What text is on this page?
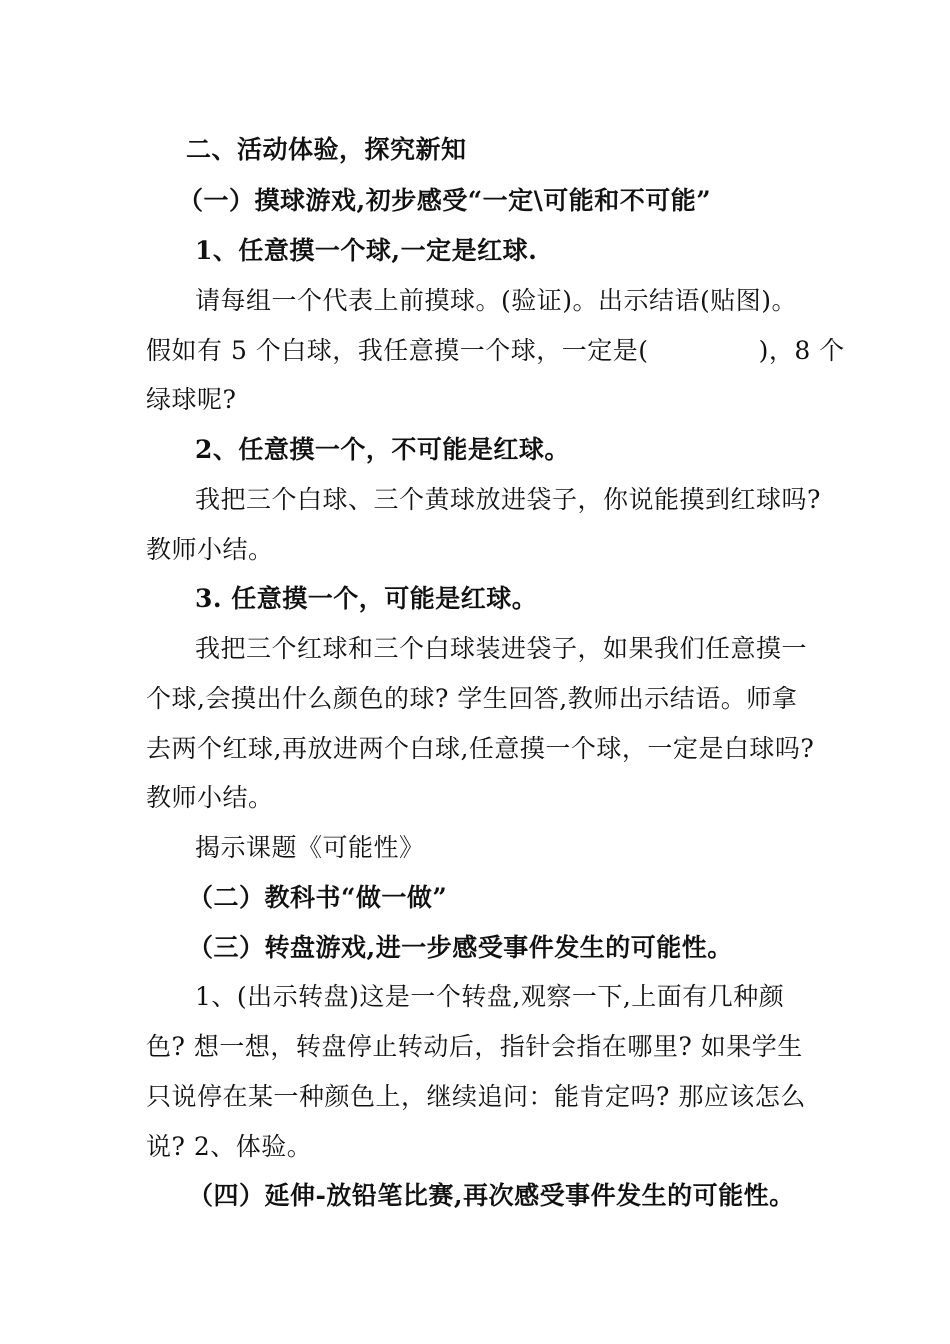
二、活动体验，探究新知
（一）摸球游戏,初步感受“一定\可能和不可能”
1、任意摸一个球,一定是红球.
请每组一个代表上前摸球。(验证)。出示结语(贴图)。
假如有 5 个白球，我任意摸一个球，一定是(	)，8 个
绿球呢?
2、任意摸一个，不可能是红球。
我把三个白球、三个黄球放进袋子，你说能摸到红球吗?
教师小结。
3. 任意摸一个，可能是红球。
我把三个红球和三个白球装进袋子，如果我们任意摸一
个球,会摸出什么颜色的球? 学生回答,教师出示结语。师拿
去两个红球,再放进两个白球,任意摸一个球，一定是白球吗?
教师小结。
揭示课题《可能性》
（二）教科书“做一做”
（三）转盘游戏,进一步感受事件发生的可能性。
1、(出示转盘)这是一个转盘,观察一下,上面有几种颜
色? 想一想，转盘停止转动后，指针会指在哪里? 如果学生
只说停在某一种颜色上，继续追问：能肯定吗? 那应该怎么
说? 2、体验。
（四）延伸-放铅笔比赛,再次感受事件发生的可能性。
